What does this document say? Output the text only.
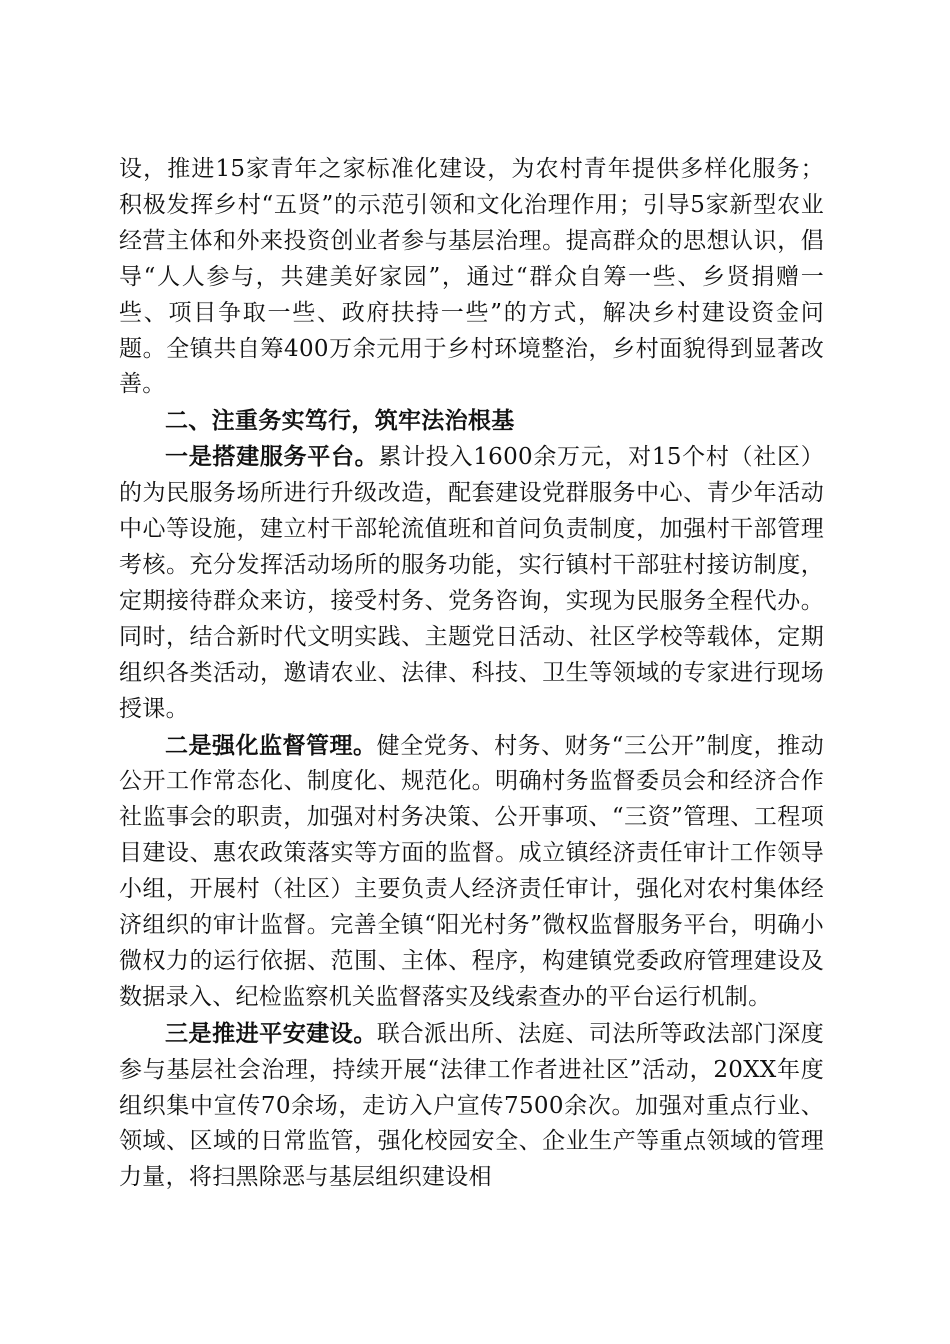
设，推进15家青年之家标准化建设，为农村青年提供多样化服务；积极发挥乡村“五贤”的示范引领和文化治理作用；引导5家新型农业经营主体和外来投资创业者参与基层治理。提高群众的思想认识，倡导“人人参与，共建美好家园”，通过“群众自筹一些、乡贤捐赠一些、项目争取一些、政府扶持一些”的方式，解决乡村建设资金问题。全镇共自筹400万余元用于乡村环境整治，乡村面貌得到显著改善。

二、注重务实笃行，筑牢法治根基

一是搭建服务平台。累计投入1600余万元，对15个村（社区）的为民服务场所进行升级改造，配套建设党群服务中心、青少年活动中心等设施，建立村干部轮流值班和首问负责制度，加强村干部管理考核。充分发挥活动场所的服务功能，实行镇村干部驻村接访制度，定期接待群众来访，接受村务、党务咨询，实现为民服务全程代办。同时，结合新时代文明实践、主题党日活动、社区学校等载体，定期组织各类活动，邀请农业、法律、科技、卫生等领域的专家进行现场授课。

二是强化监督管理。健全党务、村务、财务“三公开”制度，推动公开工作常态化、制度化、规范化。明确村务监督委员会和经济合作社监事会的职责，加强对村务决策、公开事项、“三资”管理、工程项目建设、惠农政策落实等方面的监督。成立镇经济责任审计工作领导小组，开展村（社区）主要负责人经济责任审计，强化对农村集体经济组织的审计监督。完善全镇“阳光村务”微权监督服务平台，明确小微权力的运行依据、范围、主体、程序，构建镇党委政府管理建设及数据录入、纪检监察机关监督落实及线索查办的平台运行机制。

三是推进平安建设。联合派出所、法庭、司法所等政法部门深度参与基层社会治理，持续开展“法律工作者进社区”活动，20XX年度组织集中宣传70余场，走访入户宣传7500余次。加强对重点行业、领域、区域的日常监管，强化校园安全、企业生产等重点领域的管理力量，将扫黑除恶与基层组织建设相
